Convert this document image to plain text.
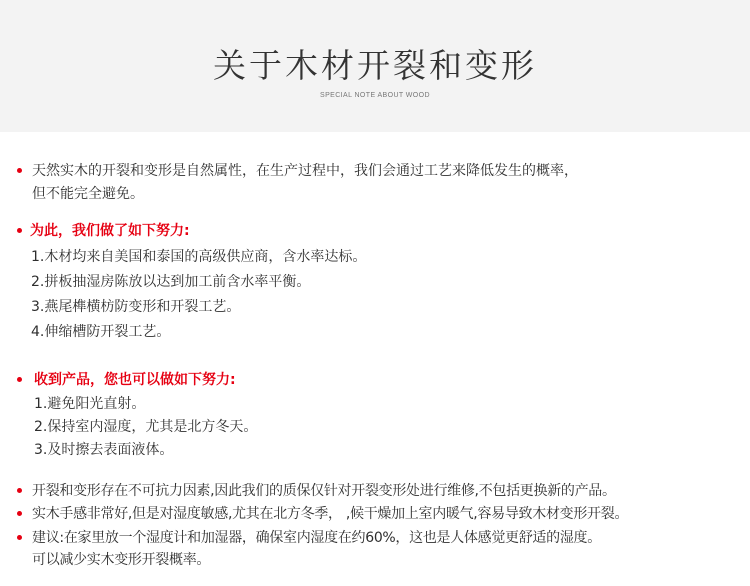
关于木材开裂和变形
SPECIAL NOTE ABOUT WOOD
天然实木的开裂和变形是自然属性，在生产过程中，我们会通过工艺来降低发生的概率，
但不能完全避免。
为此，我们做了如下努力:
1.木材均来自美国和泰国的高级供应商，含水率达标。
2.拼板抽湿房陈放以达到加工前含水率平衡。
3.燕尾榫横枋防变形和开裂工艺。
4.伸缩槽防开裂工艺。
收到产品，您也可以做如下努力:
1.避免阳光直射。
2.保持室内湿度，尤其是北方冬天。
3.及时擦去表面液体。
开裂和变形存在不可抗力因素,因此我们的质保仅针对开裂变形处进行维修,不包括更换新的产品。
实木手感非常好,但是对湿度敏感,尤其在北方冬季， ,候干燥加上室内暖气,容易导致木材变形开裂。
建议:在家里放一个湿度计和加湿器，确保室内湿度在约60%，这也是人体感觉更舒适的湿度。
可以减少实木变形开裂概率。
